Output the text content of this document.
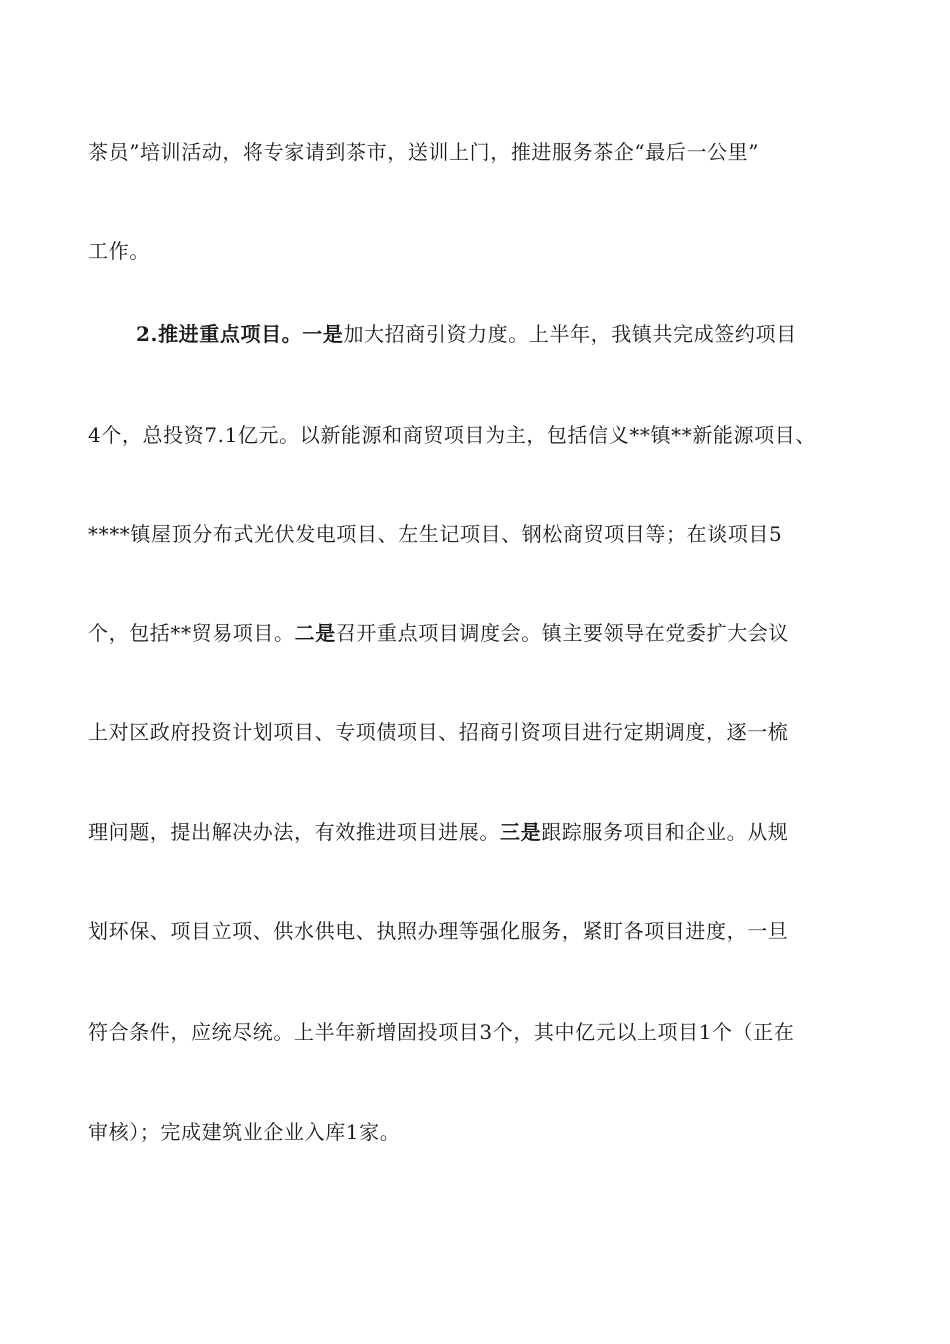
茶员”培训活动，将专家请到茶市，送训上门，推进服务茶企“最后一公里”
工作。
2.推进重点项目。一是加大招商引资力度。上半年，我镇共完成签约项目
4个，总投资7.1亿元。以新能源和商贸项目为主，包括信义**镇**新能源项目、
****镇屋顶分布式光伏发电项目、左生记项目、钢松商贸项目等；在谈项目5
个，包括**贸易项目。二是召开重点项目调度会。镇主要领导在党委扩大会议
上对区政府投资计划项目、专项债项目、招商引资项目进行定期调度，逐一梳
理问题，提出解决办法，有效推进项目进展。三是跟踪服务项目和企业。从规
划环保、项目立项、供水供电、执照办理等强化服务，紧盯各项目进度，一旦
符合条件，应统尽统。上半年新增固投项目3个，其中亿元以上项目1个（正在
审核）；完成建筑业企业入库1家。
